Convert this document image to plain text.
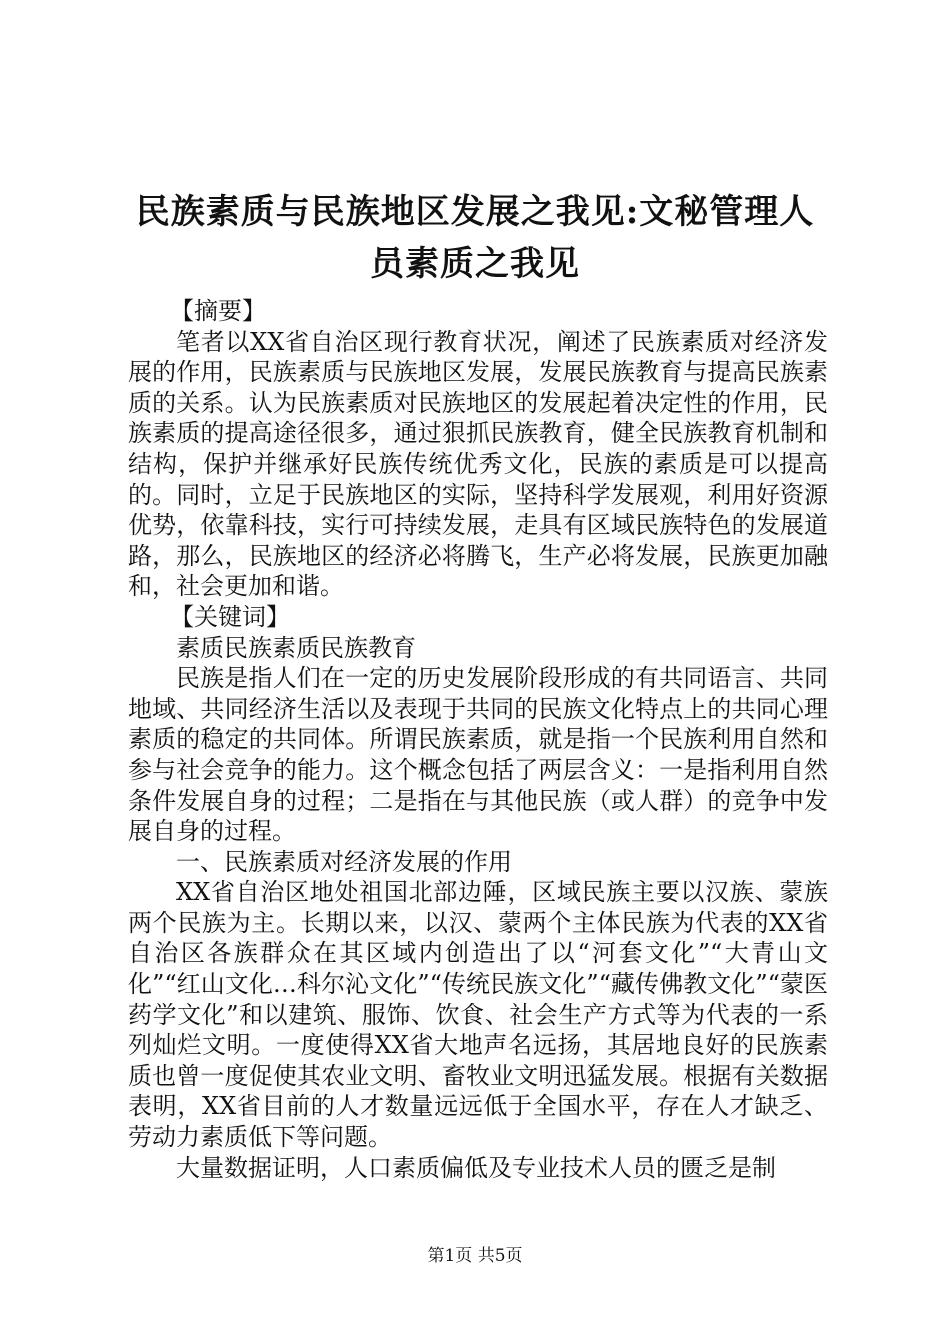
民族素质与民族地区发展之我见:文秘管理人员素质之我见

【摘要】

笔者以XX省自治区现行教育状况，阐述了民族素质对经济发展的作用，民族素质与民族地区发展，发展民族教育与提高民族素质的关系。认为民族素质对民族地区的发展起着决定性的作用，民族素质的提高途径很多，通过狠抓民族教育，健全民族教育机制和结构，保护并继承好民族传统优秀文化，民族的素质是可以提高的。同时，立足于民族地区的实际，坚持科学发展观，利用好资源优势，依靠科技，实行可持续发展，走具有区域民族特色的发展道路，那么，民族地区的经济必将腾飞，生产必将发展，民族更加融和，社会更加和谐。

【关键词】

素质民族素质民族教育

民族是指人们在一定的历史发展阶段形成的有共同语言、共同地域、共同经济生活以及表现于共同的民族文化特点上的共同心理素质的稳定的共同体。所谓民族素质，就是指一个民族利用自然和参与社会竞争的能力。这个概念包括了两层含义：一是指利用自然条件发展自身的过程；二是指在与其他民族（或人群）的竞争中发展自身的过程。

一、民族素质对经济发展的作用

XX省自治区地处祖国北部边陲，区域民族主要以汉族、蒙族两个民族为主。长期以来，以汉、蒙两个主体民族为代表的XX省自治区各族群众在其区域内创造出了以“河套文化”“大青山文化”“红山文化…科尔沁文化”“传统民族文化”“藏传佛教文化”“蒙医药学文化”和以建筑、服饰、饮食、社会生产方式等为代表的一系列灿烂文明。一度使得XX省大地声名远扬，其居地良好的民族素质也曾一度促使其农业文明、畜牧业文明迅猛发展。根据有关数据表明，XX省目前的人才数量远远低于全国水平，存在人才缺乏、劳动力素质低下等问题。

大量数据证明，人口素质偏低及专业技术人员的匮乏是制

第1页 共5页
